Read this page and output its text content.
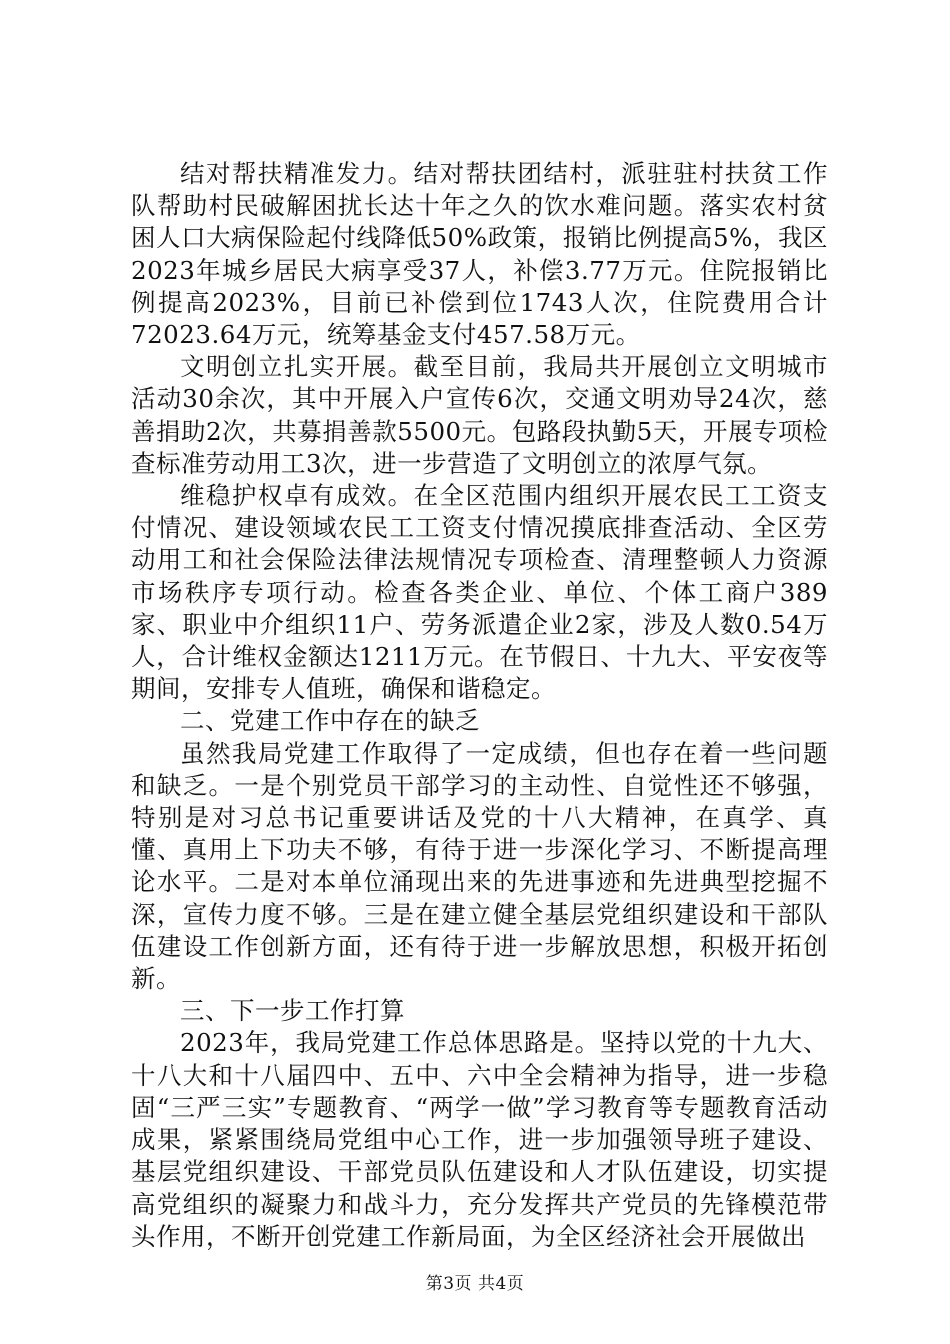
结对帮扶精准发力。结对帮扶团结村，派驻驻村扶贫工作队帮助村民破解困扰长达十年之久的饮水难问题。落实农村贫困人口大病保险起付线降低50%政策，报销比例提高5%，我区2023年城乡居民大病享受37人，补偿3.77万元。住院报销比例提高2023%，目前已补偿到位1743人次，住院费用合计72023.64万元，统筹基金支付457.58万元。

文明创立扎实开展。截至目前，我局共开展创立文明城市活动30余次，其中开展入户宣传6次，交通文明劝导24次，慈善捐助2次，共募捐善款5500元。包路段执勤5天，开展专项检查标准劳动用工3次，进一步营造了文明创立的浓厚气氛。

维稳护权卓有成效。在全区范围内组织开展农民工工资支付情况、建设领域农民工工资支付情况摸底排查活动、全区劳动用工和社会保险法律法规情况专项检查、清理整顿人力资源市场秩序专项行动。检查各类企业、单位、个体工商户389家、职业中介组织11户、劳务派遣企业2家，涉及人数0.54万人，合计维权金额达1211万元。在节假日、十九大、平安夜等期间，安排专人值班，确保和谐稳定。

二、党建工作中存在的缺乏

虽然我局党建工作取得了一定成绩，但也存在着一些问题和缺乏。一是个别党员干部学习的主动性、自觉性还不够强，特别是对习总书记重要讲话及党的十八大精神，在真学、真懂、真用上下功夫不够，有待于进一步深化学习、不断提高理论水平。二是对本单位涌现出来的先进事迹和先进典型挖掘不深，宣传力度不够。三是在建立健全基层党组织建设和干部队伍建设工作创新方面，还有待于进一步解放思想，积极开拓创新。

三、下一步工作打算

2023年，我局党建工作总体思路是。坚持以党的十九大、十八大和十八届四中、五中、六中全会精神为指导，进一步稳固“三严三实”专题教育、“两学一做”学习教育等专题教育活动成果，紧紧围绕局党组中心工作，进一步加强领导班子建设、基层党组织建设、干部党员队伍建设和人才队伍建设，切实提高党组织的凝聚力和战斗力，充分发挥共产党员的先锋模范带头作用，不断开创党建工作新局面，为全区经济社会开展做出

第3页 共4页
